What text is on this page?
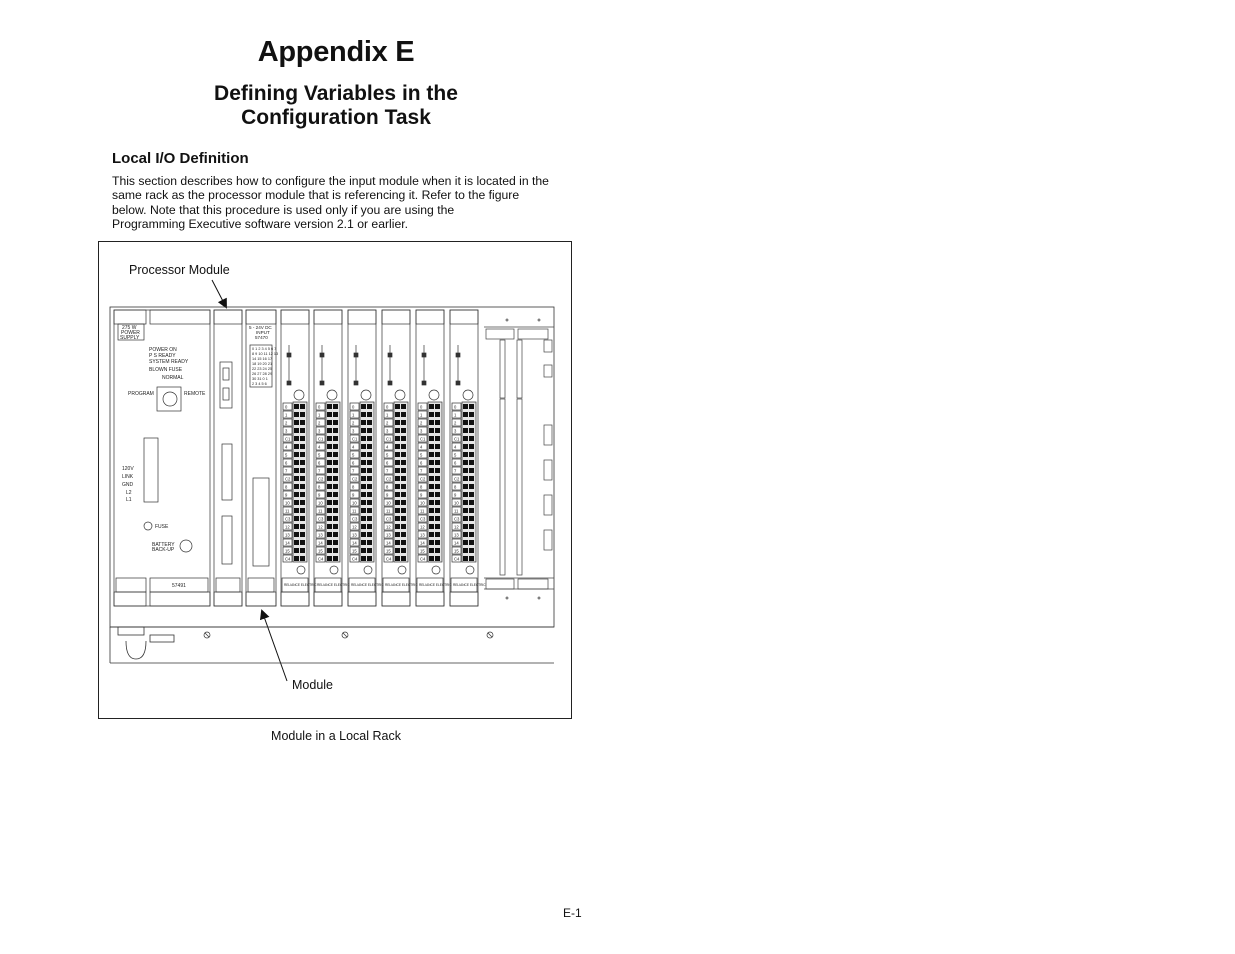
Appendix E
Defining Variables in the
Configuration Task
Local I/O Definition

This section describes how to configure the input module when it is located in the
same rack as the processor module that is referencing it. Refer to the figure
below. Note that this procedure is used only if you are using the
Programming Executive software version 2.1 or earlier.

Processor Module
Module
275 W
POWER
SUPPLY
POWER ON
P S READY
SYSTEM READY
BLOWN FUSE
NORMAL
PROGRAM	REMOTE
120V
LINK
GND
L2
L1
FUSE
BATTERY
BACK-UP
57491
5 - 24V DC
INPUT
57470
0 1 2 3 4 5 6 7
8 9 10 11 12 13
14 15 16 17
18 19 20 21
22 23 24 25
26 27 28 29
30 31 0 1
2 3 4 5 6
0
1
2
3
C1
4
5
6
7
C2
8
9
10
11
C3
12
13
14
15
C4
RELIANCE ELECTRIC
0
1
2
3
C1
4
5
6
7
C2
8
9
10
11
C3
12
13
14
15
C4
RELIANCE ELECTRIC
0
1
2
3
C1
4
5
6
7
C2
8
9
10
11
C3
12
13
14
15
C4
RELIANCE ELECTRIC
0
1
2
3
C1
4
5
6
7
C2
8
9
10
11
C3
12
13
14
15
C4
RELIANCE ELECTRIC
0
1
2
3
C1
4
5
6
7
C2
8
9
10
11
C3
12
13
14
15
C4
RELIANCE ELECTRIC
0
1
2
3
C1
4
5
6
7
C2
8
9
10
11
C3
12
13
14
15
C4
RELIANCE ELECTRIC
Module in a Local Rack
E-1
